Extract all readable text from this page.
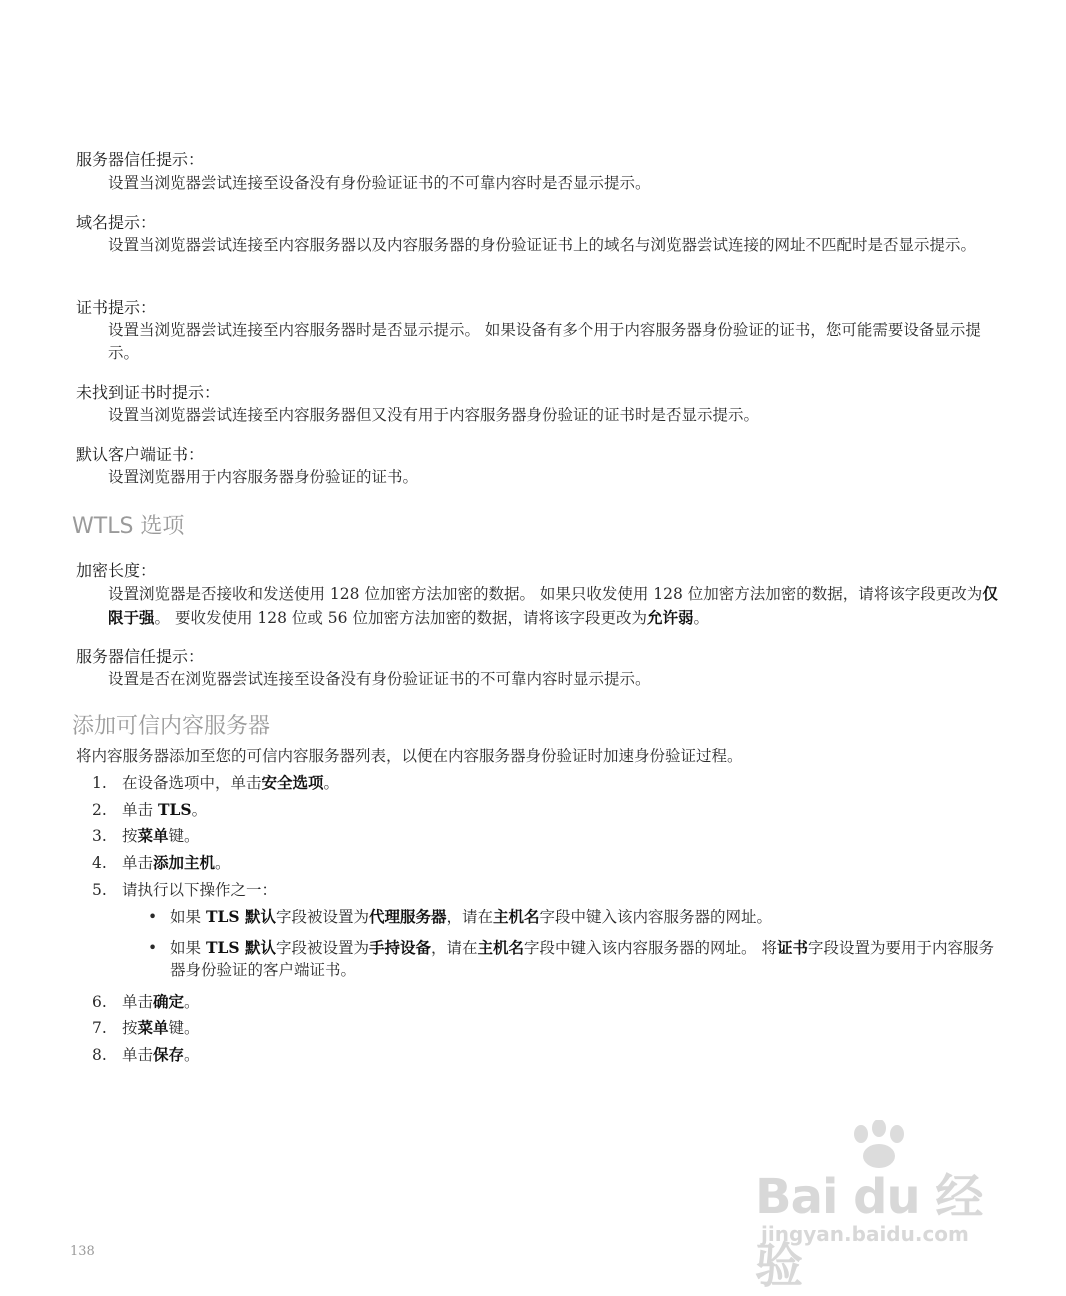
服务器信任提示：
设置当浏览器尝试连接至设备没有身份验证证书的不可靠内容时是否显示提示。
域名提示：
设置当浏览器尝试连接至内容服务器以及内容服务器的身份验证证书上的域名与浏览器尝试连接的网址不匹配时是否显示提示。
证书提示：
设置当浏览器尝试连接至内容服务器时是否显示提示。 如果设备有多个用于内容服务器身份验证的证书，您可能需要设备显示提示。
未找到证书时提示：
设置当浏览器尝试连接至内容服务器但又没有用于内容服务器身份验证的证书时是否显示提示。
默认客户端证书：
设置浏览器用于内容服务器身份验证的证书。
WTLS 选项
加密长度：
设置浏览器是否接收和发送使用 128 位加密方法加密的数据。 如果只收发使用 128 位加密方法加密的数据，请将该字段更改为仅限于强。 要收发使用 128 位或 56 位加密方法加密的数据，请将该字段更改为允许弱。
服务器信任提示：
设置是否在浏览器尝试连接至设备没有身份验证证书的不可靠内容时显示提示。
添加可信内容服务器
将内容服务器添加至您的可信内容服务器列表，以便在内容服务器身份验证时加速身份验证过程。
1. 在设备选项中，单击安全选项。
2. 单击 TLS。
3. 按菜单键。
4. 单击添加主机。
5. 请执行以下操作之一：
• 如果 TLS 默认字段被设置为代理服务器，请在主机名字段中键入该内容服务器的网址。
• 如果 TLS 默认字段被设置为手持设备，请在主机名字段中键入该内容服务器的网址。 将证书字段设置为要用于内容服务器身份验证的客户端证书。
6. 单击确定。
7. 按菜单键。
8. 单击保存。
Bai du 经验
jingyan.baidu.com
138
